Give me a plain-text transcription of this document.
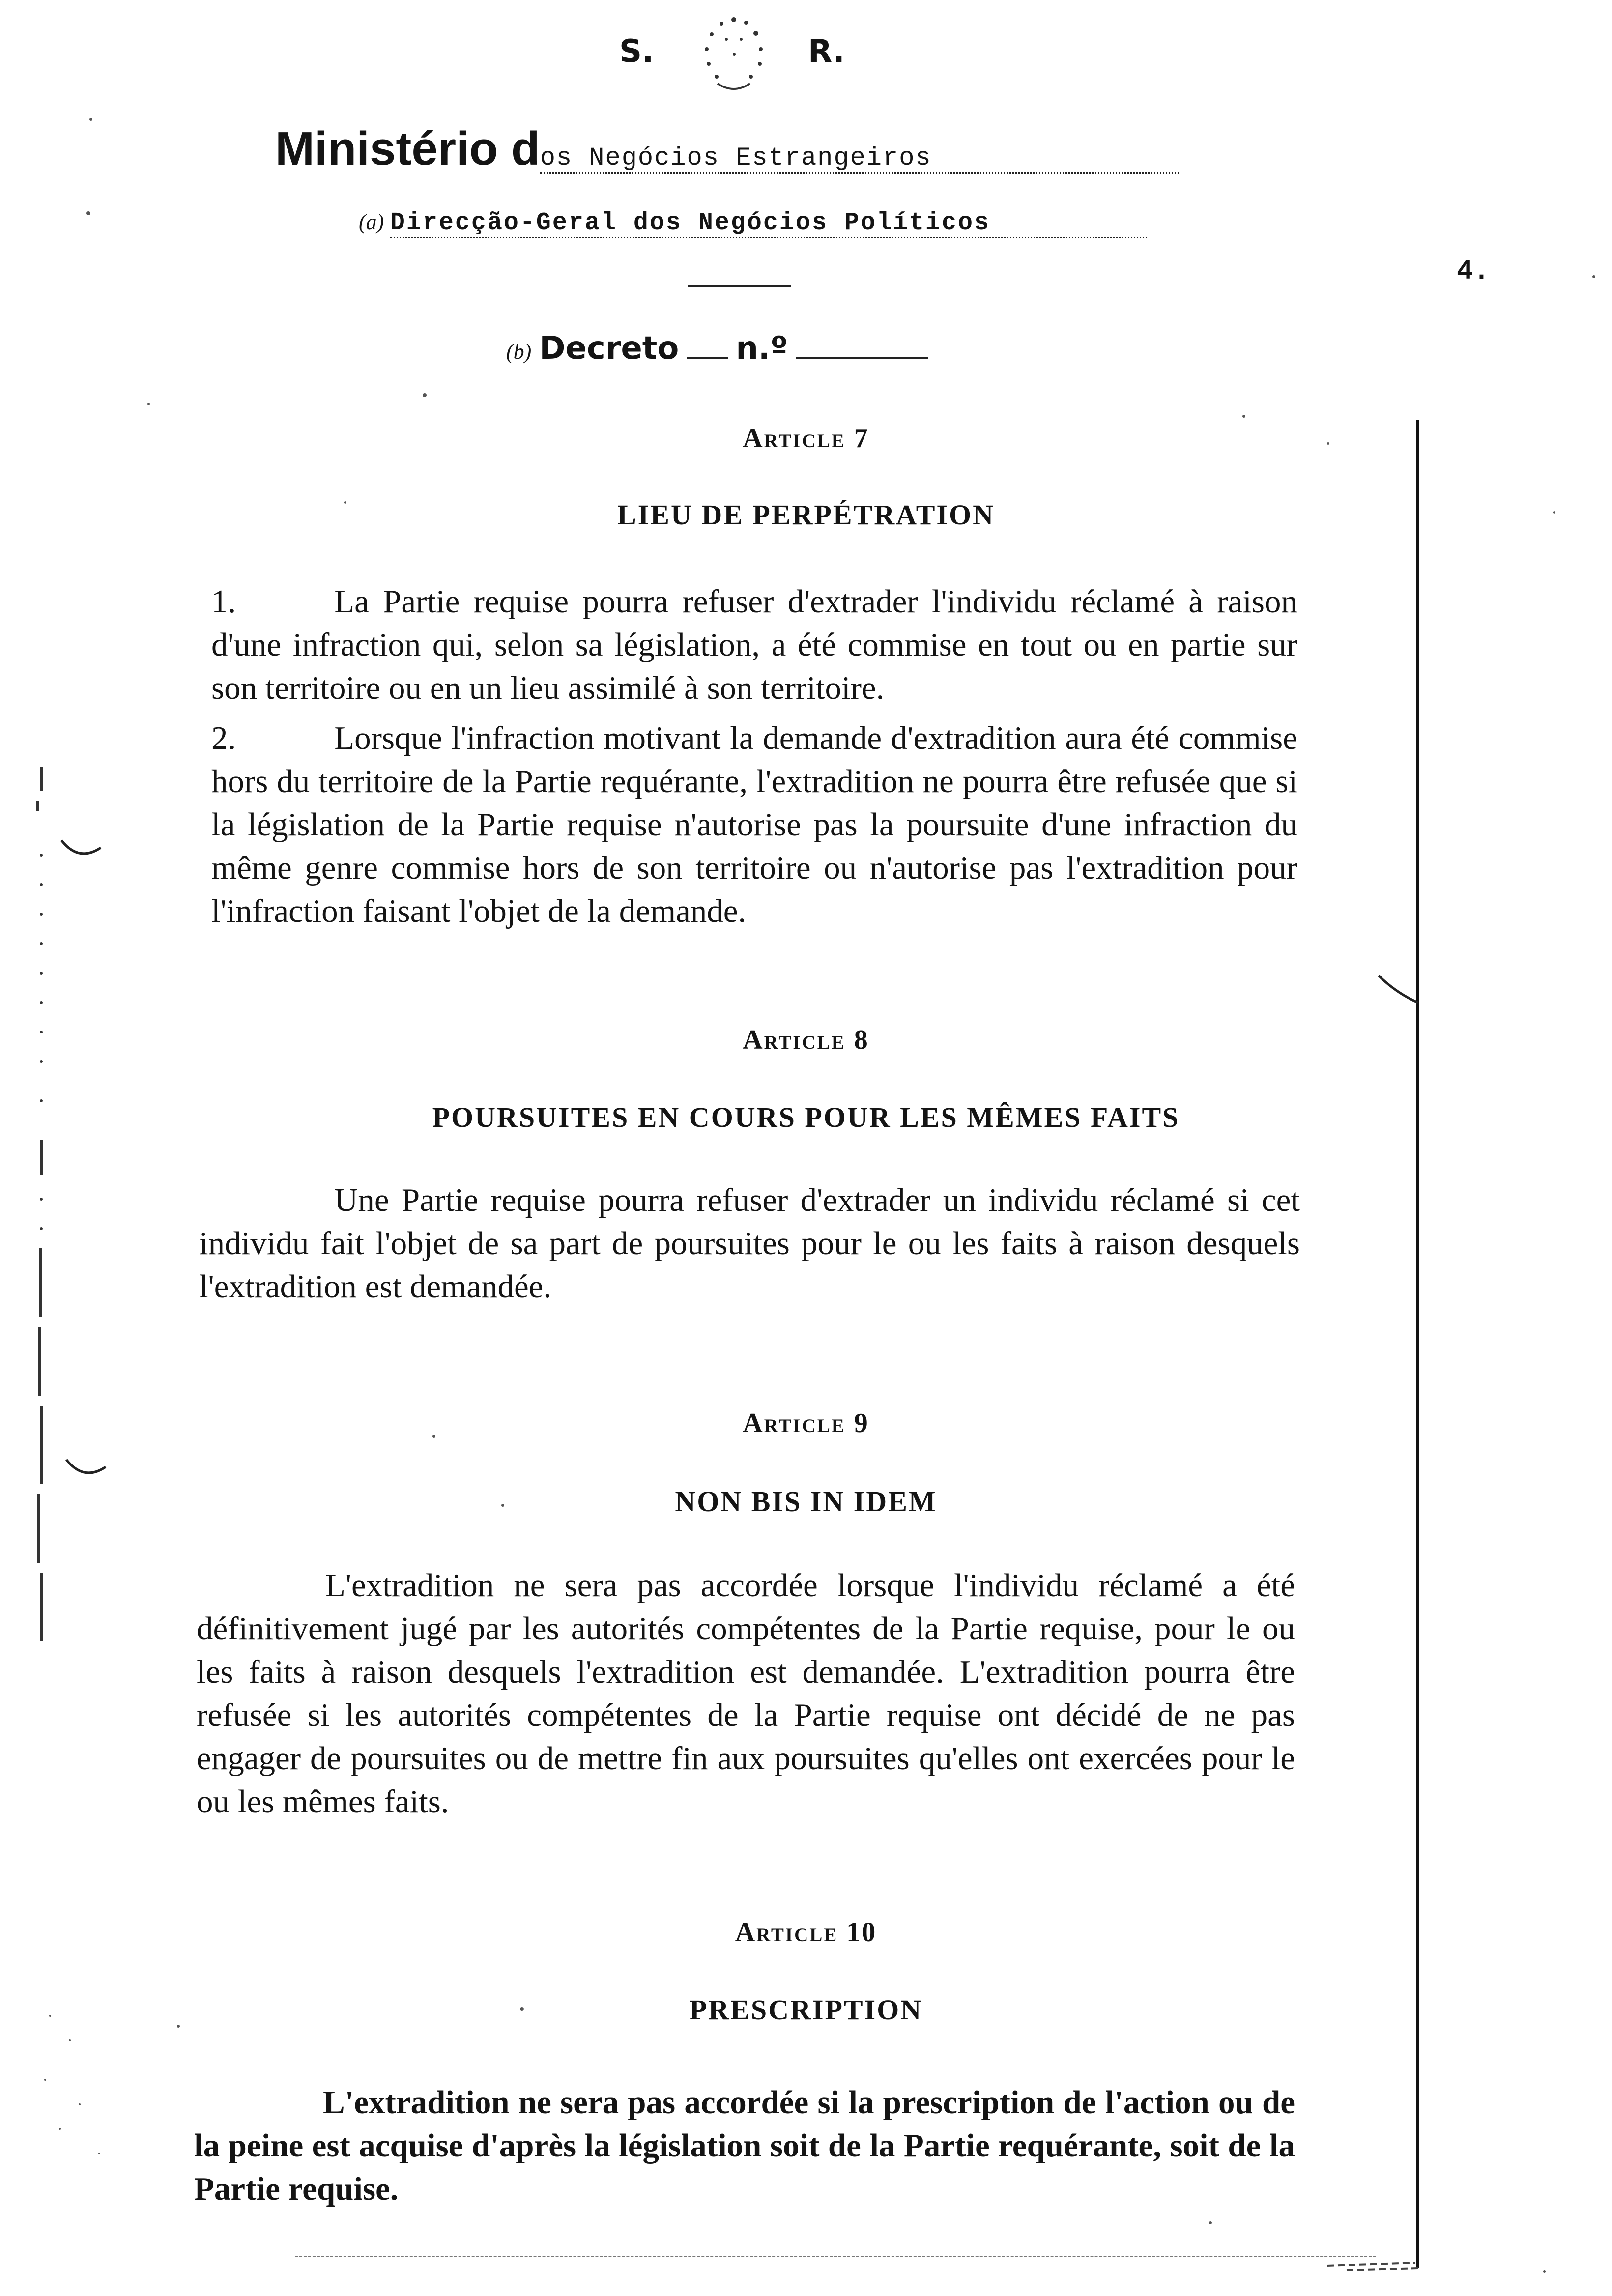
S.	R.
Ministério dos Negócios Estrangeiros
(a) Direcção-Geral dos Negócios Políticos
4.
(b) Decreto n.º
Article 7
LIEU DE PERPÉTRATION
1.	La Partie requise pourra refuser d'extrader l'individu réclamé à raison d'une infraction qui, selon sa législation, a été commise en tout ou en partie sur son territoire ou en un lieu assimilé à son territoire.
2.	Lorsque l'infraction motivant la demande d'extradition aura été commise hors du territoire de la Partie requérante, l'extradition ne pourra être refusée que si la législation de la Partie requise n'autorise pas la poursuite d'une infraction du même genre commise hors de son territoire ou n'autorise pas l'extradition pour l'infraction faisant l'objet de la demande.
Article 8
POURSUITES EN COURS POUR LES MÊMES FAITS
Une Partie requise pourra refuser d'extrader un individu réclamé si cet individu fait l'objet de sa part de poursuites pour le ou les faits à raison desquels l'extradition est demandée.
Article 9
NON BIS IN IDEM
L'extradition ne sera pas accordée lorsque l'individu réclamé a été définitivement jugé par les autorités compétentes de la Partie requise, pour le ou les faits à raison desquels l'extradition est demandée. L'extradition pourra être refusée si les autorités compétentes de la Partie requise ont décidé de ne pas engager de poursuites ou de mettre fin aux poursuites qu'elles ont exercées pour le ou les mêmes faits.
Article 10
PRESCRIPTION
L'extradition ne sera pas accordée si la prescription de l'action ou de la peine est acquise d'après la législation soit de la Partie requérante, soit de la Partie requise.
